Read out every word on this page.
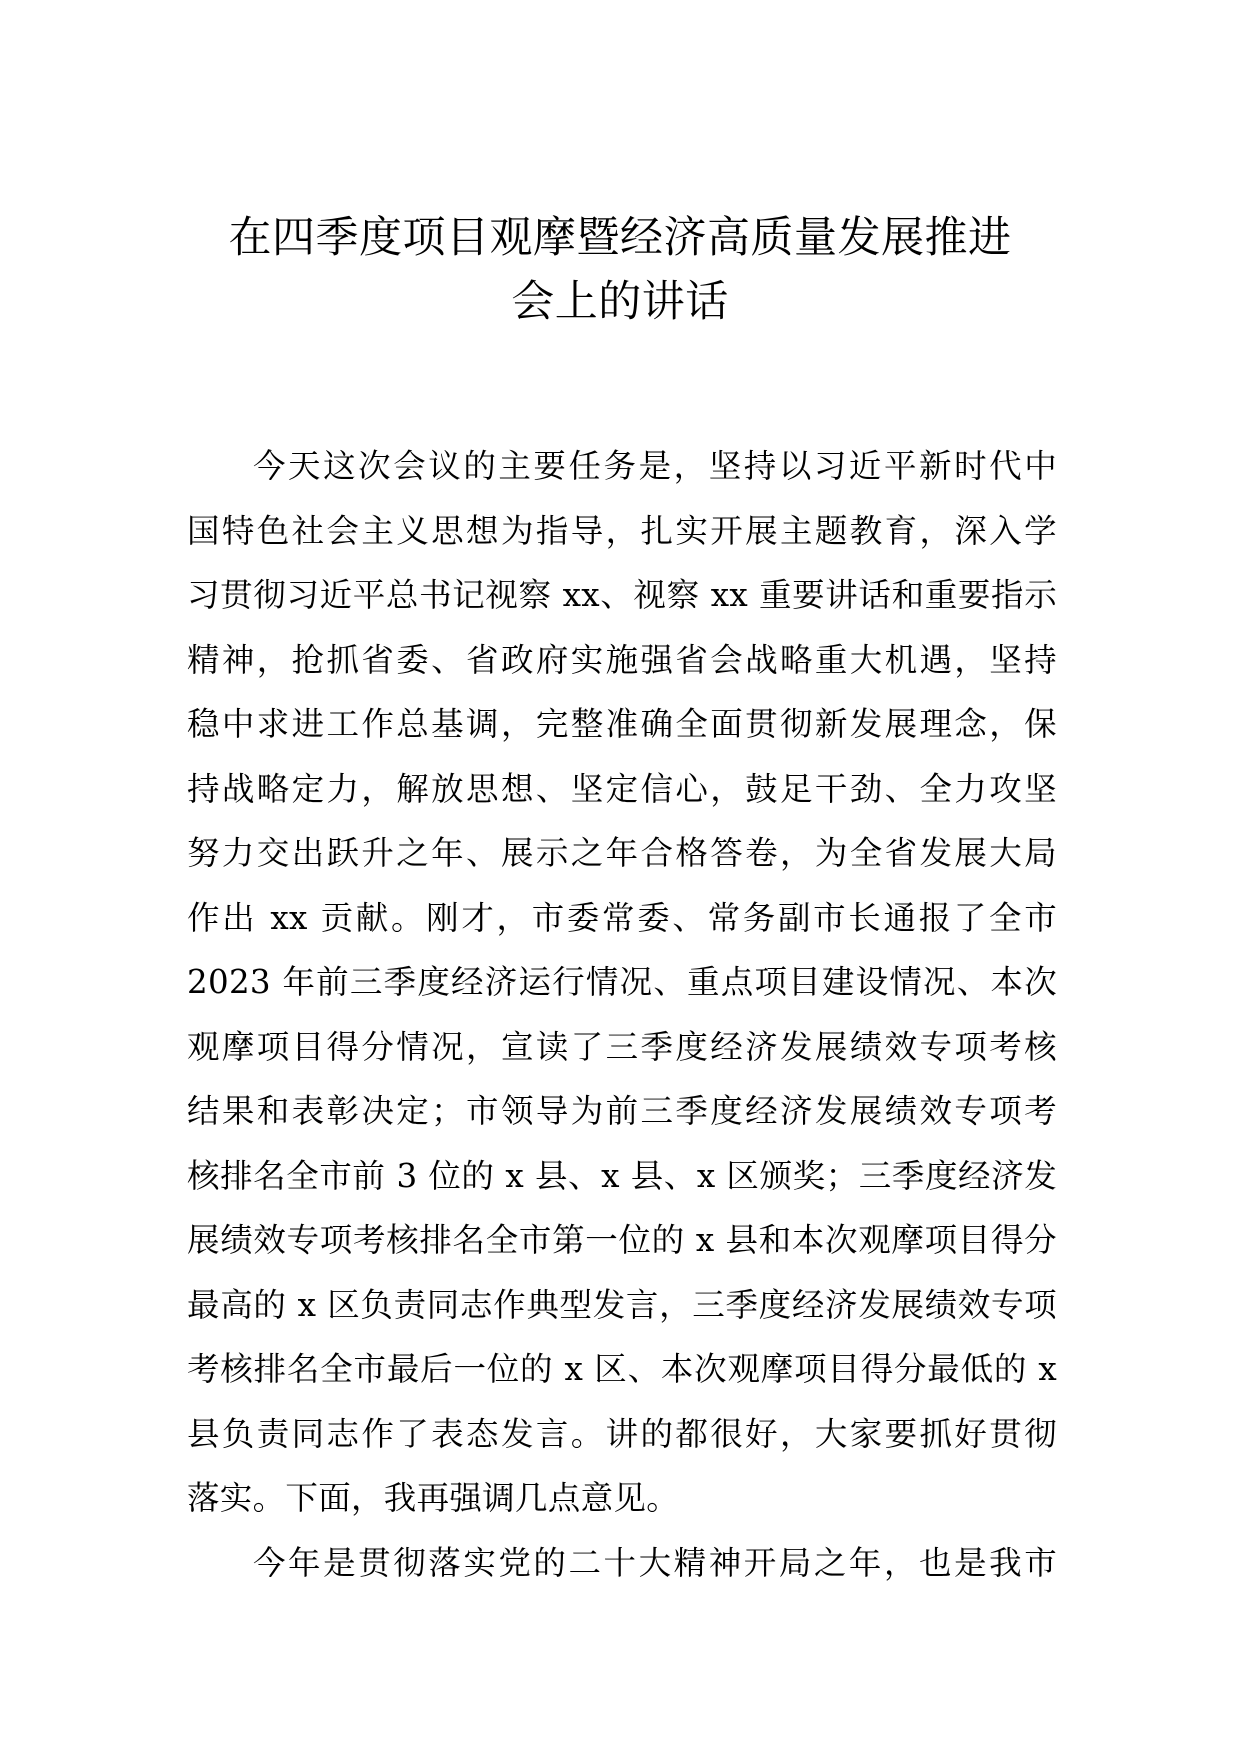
在四季度项目观摩暨经济高质量发展推进
会上的讲话
今天这次会议的主要任务是，坚持以习近平新时代中
国特色社会主义思想为指导，扎实开展主题教育，深入学
习贯彻习近平总书记视察 xx、视察 xx 重要讲话和重要指示
精神，抢抓省委、省政府实施强省会战略重大机遇，坚持
稳中求进工作总基调，完整准确全面贯彻新发展理念，保
持战略定力，解放思想、坚定信心，鼓足干劲、全力攻坚
努力交出跃升之年、展示之年合格答卷，为全省发展大局
作出 xx 贡献。刚才，市委常委、常务副市长通报了全市
2023 年前三季度经济运行情况、重点项目建设情况、本次
观摩项目得分情况，宣读了三季度经济发展绩效专项考核
结果和表彰决定；市领导为前三季度经济发展绩效专项考
核排名全市前 3 位的 x 县、x 县、x 区颁奖；三季度经济发
展绩效专项考核排名全市第一位的 x 县和本次观摩项目得分
最高的 x 区负责同志作典型发言，三季度经济发展绩效专项
考核排名全市最后一位的 x 区、本次观摩项目得分最低的 x
县负责同志作了表态发言。讲的都很好，大家要抓好贯彻
落实。下面，我再强调几点意见。
今年是贯彻落实党的二十大精神开局之年，也是我市
